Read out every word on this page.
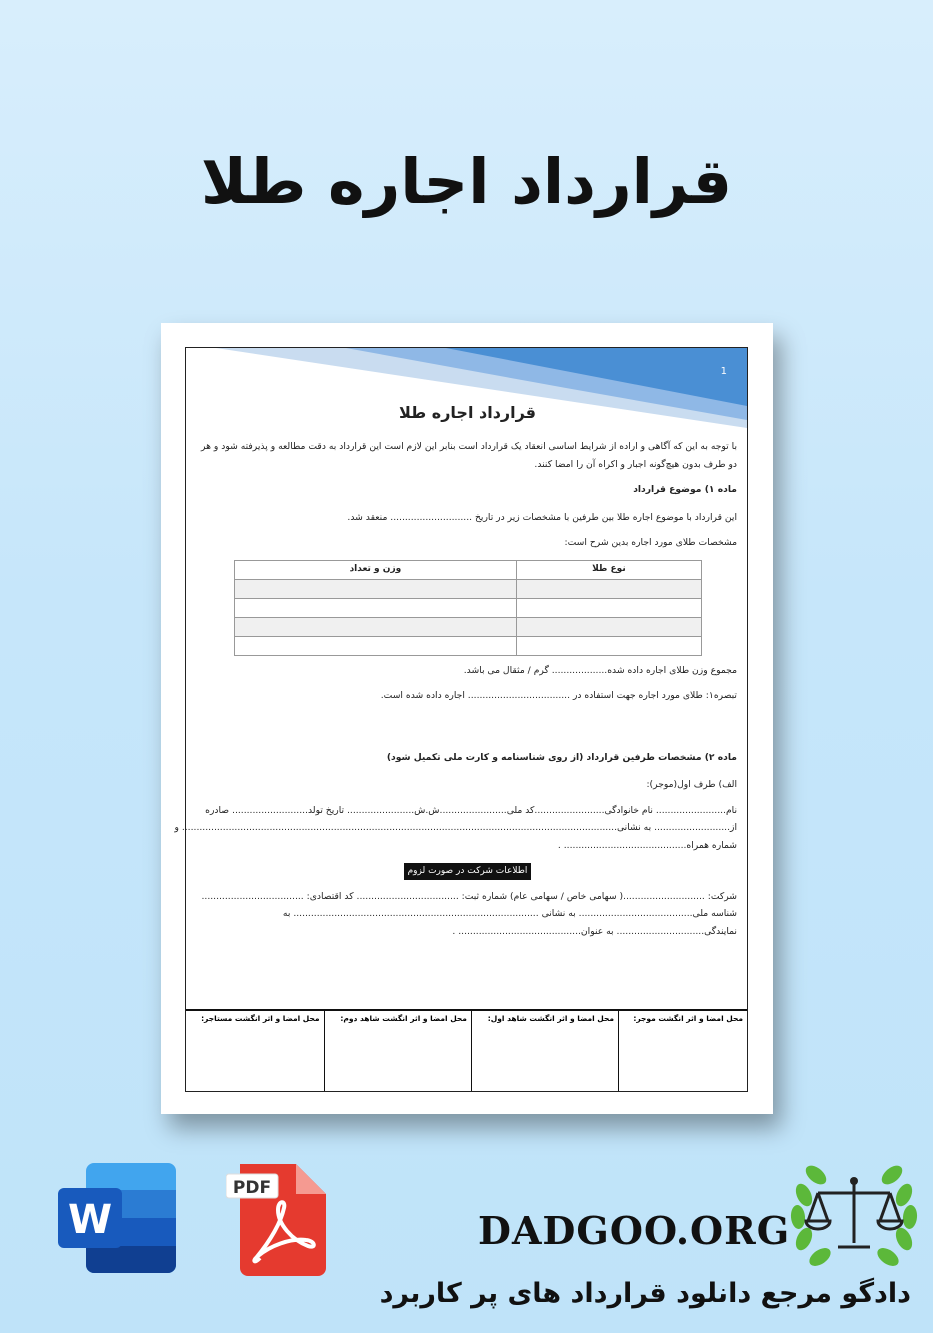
قرارداد اجاره طلا
1
قرارداد اجاره طلا

با توجه به این که آگاهی و اراده از شرایط اساسی انعقاد یک قرارداد است بنابر این لازم است این قرارداد به دقت مطالعه و پذیرفته شود و هر دو طرف بدون هیچ‌گونه اجبار و اکراه آن را امضا کنند.

ماده ۱) موضوع قرارداد

این قرارداد با موضوع اجاره طلا بین طرفین با مشخصات زیر در تاریخ ............................ منعقد شد.

مشخصات طلای مورد اجاره بدین شرح است:

نوع طلا	وزن و تعداد

مجموع وزن طلای اجاره داده شده................... گرم / مثقال می باشد.

تبصره۱: طلای مورد اجاره جهت استفاده در ................................... اجاره داده شده است.

ماده ۲) مشخصات طرفین قرارداد (از روی شناسنامه و کارت ملی تکمیل شود)

الف) طرف اول(موجر):

نام........................ نام خانوادگی........................کد ملی.......................ش.ش....................... تاریخ تولد.......................... صادره
از.......................... به نشانی..................................................................................................................................................... و
شماره همراه.......................................... .
اطلاعات شرکت در صورت لزوم
شرکت: ............................( سهامی خاص / سهامی عام) شماره ثبت: ................................... کد اقتصادی: ...................................
شناسه ملی....................................... به نشانی .................................................................................... به
نمایندگی.............................. به عنوان.......................................... .
محل امضا و اثر انگشت موجر:	محل امضا و اثر انگشت شاهد اول:	محل امضا و اثر انگشت شاهد دوم:	محل امضا و اثر انگشت مستاجر:
W
PDF
DADGOO.ORG
دادگو مرجع دانلود قرارداد های پر کاربرد
